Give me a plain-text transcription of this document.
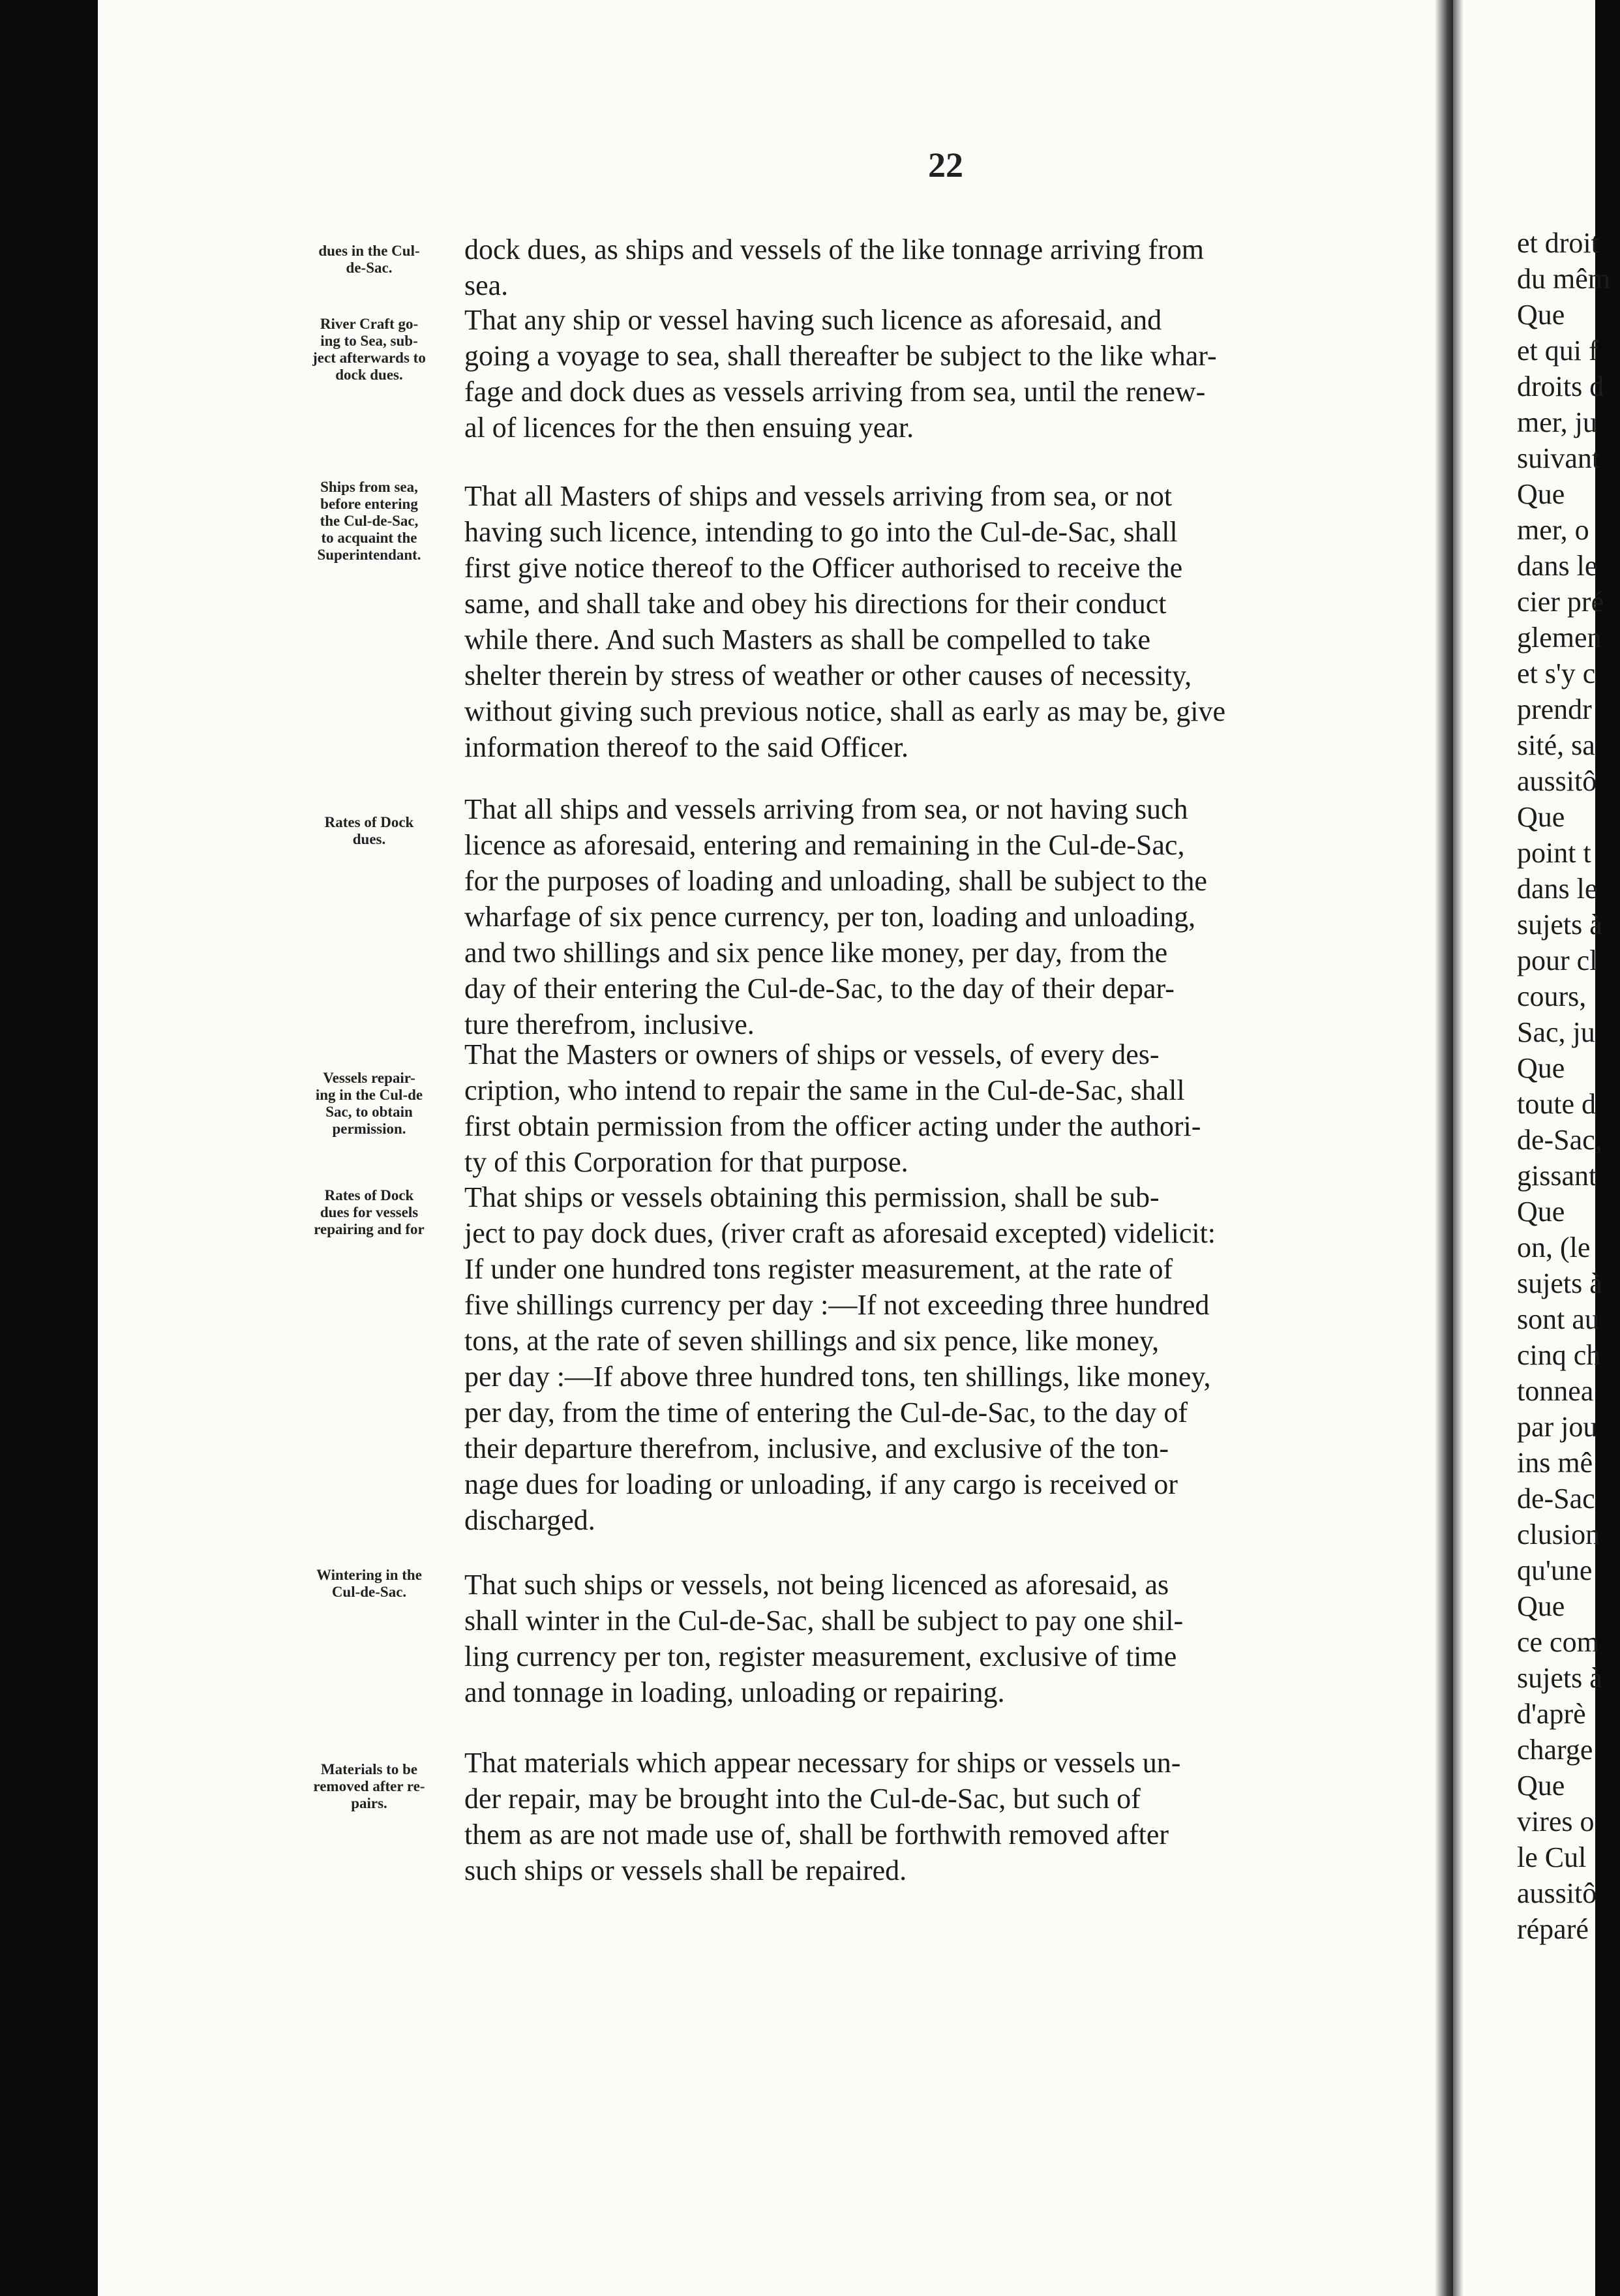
22
dues in the Cul-
de-Sac.
River Craft go-
ing to Sea, sub-
ject afterwards to
dock dues.
Ships from sea,
before entering
the Cul-de-Sac,
to acquaint the
Superintendant.
Rates of Dock
dues.
Vessels repair-
ing in the Cul-de
Sac, to obtain
permission.
Rates of Dock
dues for vessels
repairing and for
Wintering in the
Cul-de-Sac.
Materials to be
removed after re-
pairs.
dock dues, as ships and vessels of the like tonnage arriving from
sea.
That any ship or vessel having such licence as aforesaid, and
going a voyage to sea, shall thereafter be subject to the like whar-
fage and dock dues as vessels arriving from sea, until the renew-
al of licences for the then ensuing year.
That all Masters of ships and vessels arriving from sea, or not
having such licence, intending to go into the Cul-de-Sac, shall
first give notice thereof to the Officer authorised to receive the
same, and shall take and obey his directions for their conduct
while there. And such Masters as shall be compelled to take
shelter therein by stress of weather or other causes of necessity,
without giving such previous notice, shall as early as may be, give
information thereof to the said Officer.
That all ships and vessels arriving from sea, or not having such
licence as aforesaid, entering and remaining in the Cul-de-Sac,
for the purposes of loading and unloading, shall be subject to the
wharfage of six pence currency, per ton, loading and unloading,
and two shillings and six pence like money, per day, from the
day of their entering the Cul-de-Sac, to the day of their depar-
ture therefrom, inclusive.
That the Masters or owners of ships or vessels, of every des-
cription, who intend to repair the same in the Cul-de-Sac, shall
first obtain permission from the officer acting under the authori-
ty of this Corporation for that purpose.
That ships or vessels obtaining this permission, shall be sub-
ject to pay dock dues, (river craft as aforesaid excepted) videlicit:
If under one hundred tons register measurement, at the rate of
five shillings currency per day :—If not exceeding three hundred
tons, at the rate of seven shillings and six pence, like money,
per day :—If above three hundred tons, ten shillings, like money,
per day, from the time of entering the Cul-de-Sac, to the day of
their departure therefrom, inclusive, and exclusive of the ton-
nage dues for loading or unloading, if any cargo is received or
discharged.
That such ships or vessels, not being licenced as aforesaid, as
shall winter in the Cul-de-Sac, shall be subject to pay one shil-
ling currency per ton, register measurement, exclusive of time
and tonnage in loading, unloading or repairing.
That materials which appear necessary for ships or vessels un-
der repair, may be brought into the Cul-de-Sac, but such of
them as are not made use of, shall be forthwith removed after
such ships or vessels shall be repaired.
et droit
du mêm
Que
et qui f
droits d
mer, ju
suivant
Que
mer, o
dans le
cier pré
glemen
et s'y c
prendr
sité, sa
aussitô
Que
point t
dans le
sujets à
pour cl
cours,
Sac, ju
Que
toute d
de-Sac,
gissant
Que
on, (le
sujets à
sont au
cinq ch
tonnea
par jou
ins mê
de-Sac
clusion
qu'une
Que
ce com
sujets à
d'aprè
charge
Que
vires o
le Cul
aussitô
réparé
